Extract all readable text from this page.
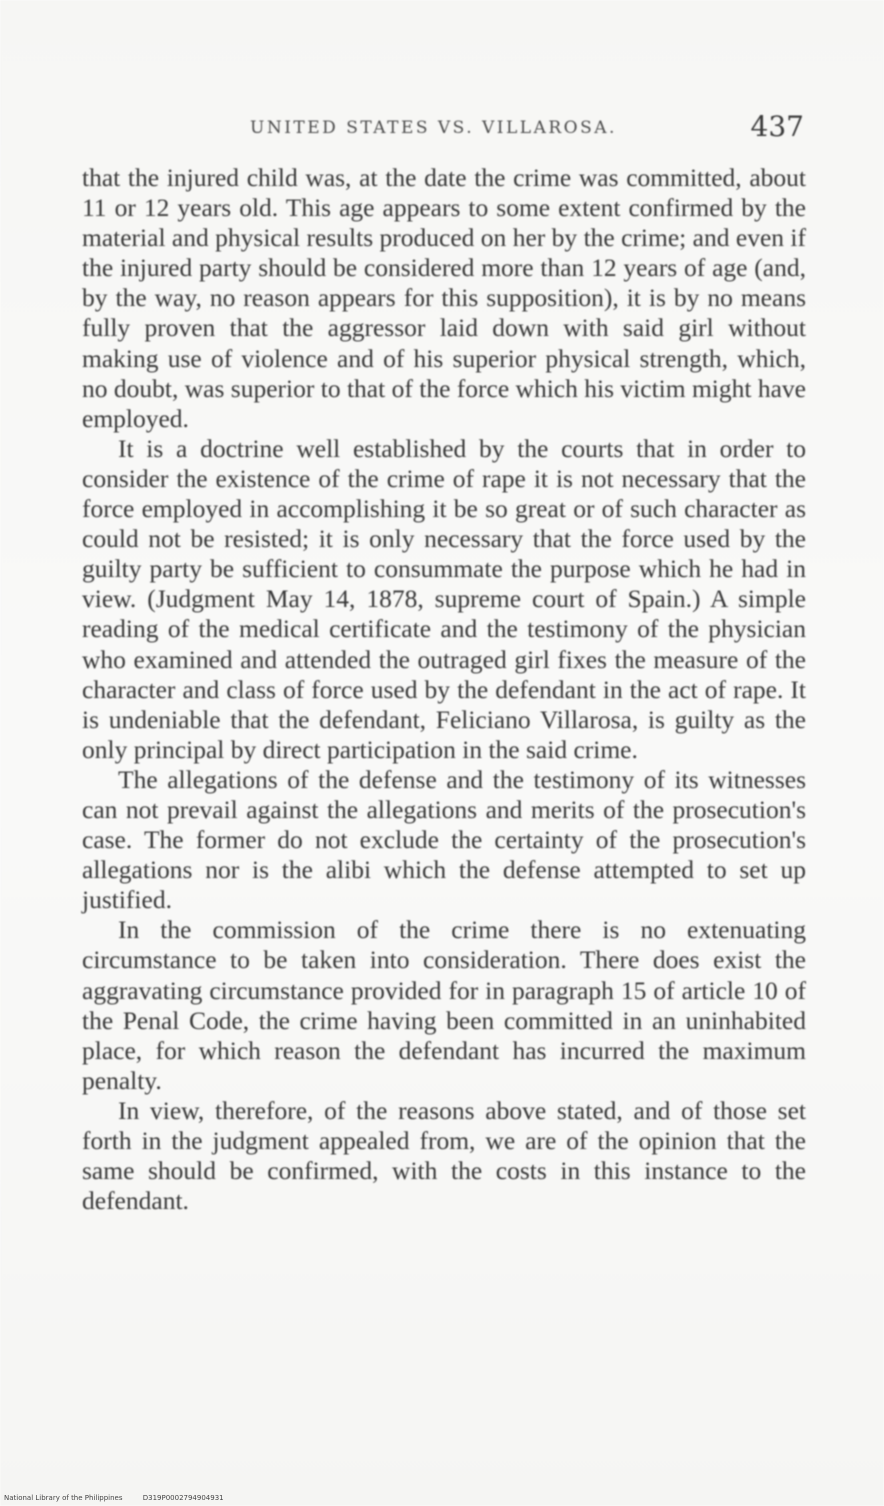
UNITED STATES VS. VILLAROSA.	437

that the injured child was, at the date the crime was committed, about 11 or 12 years old. This age appears to some extent confirmed by the material and physical results produced on her by the crime; and even if the injured party should be considered more than 12 years of age (and, by the way, no reason appears for this supposition), it is by no means fully proven that the aggressor laid down with said girl without making use of violence and of his superior physical strength, which, no doubt, was superior to that of the force which his victim might have employed.

It is a doctrine well established by the courts that in order to consider the existence of the crime of rape it is not necessary that the force employed in accomplishing it be so great or of such character as could not be resisted; it is only necessary that the force used by the guilty party be sufficient to consummate the purpose which he had in view. (Judgment May 14, 1878, supreme court of Spain.) A simple reading of the medical certificate and the testimony of the physician who examined and attended the outraged girl fixes the measure of the character and class of force used by the defendant in the act of rape. It is undeniable that the defendant, Feliciano Villarosa, is guilty as the only principal by direct participation in the said crime.

The allegations of the defense and the testimony of its witnesses can not prevail against the allegations and merits of the prosecution's case. The former do not exclude the certainty of the prosecution's allegations nor is the alibi which the defense attempted to set up justified.

In the commission of the crime there is no extenuating circumstance to be taken into consideration. There does exist the aggravating circumstance provided for in paragraph 15 of article 10 of the Penal Code, the crime having been committed in an uninhabited place, for which reason the defendant has incurred the maximum penalty.

In view, therefore, of the reasons above stated, and of those set forth in the judgment appealed from, we are of the opinion that the same should be confirmed, with the costs in this instance to the defendant.

National Library of the Philippines	D319P0002794904931
